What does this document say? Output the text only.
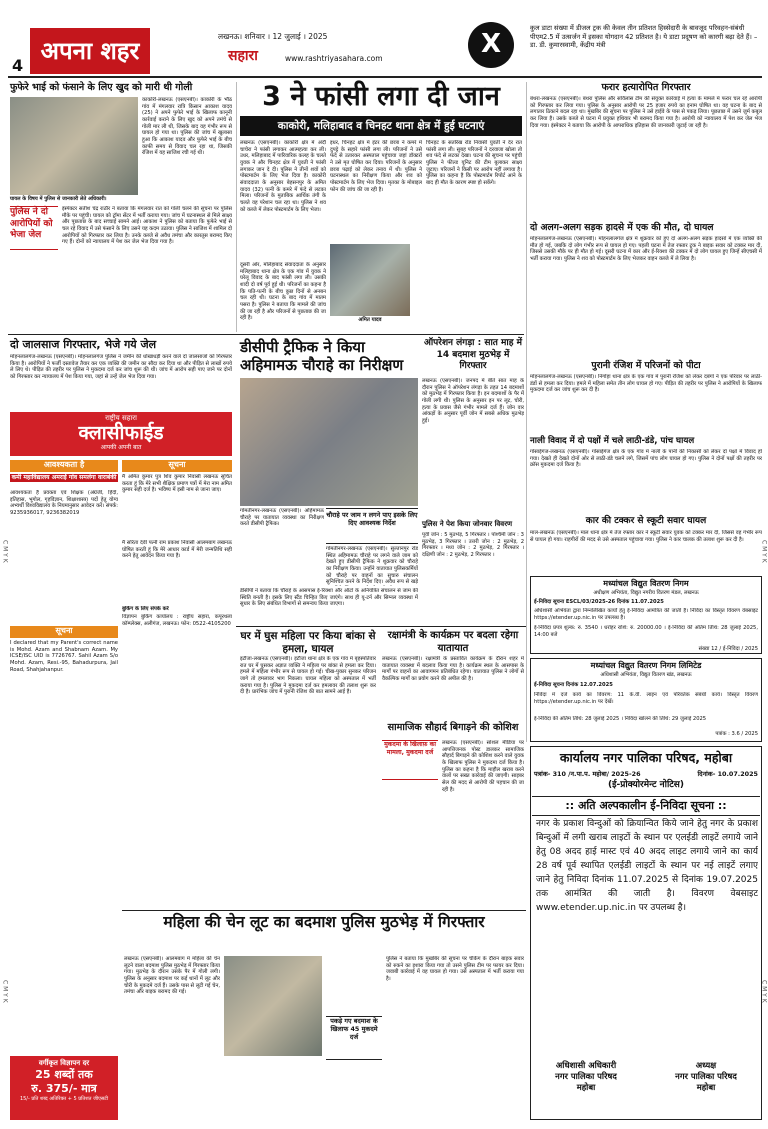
अपना शहर
4
लखनऊ। शनिवार । 12 जुलाई । 2025
सहारा	www.rashtriyasahara.com	X
कुल डाटा संख्या में डीजल ट्रक की केवल तीन प्रतिशत हिस्सेदारी के बावजूद परिवहन-संबंधी पीएम2.5 में उत्सर्जन में इसका योगदान 42 प्रतिशत है। ये डाटा प्रदूषण को कारगी बढ़ा देते हैं। –डा. डी. कुमारस्वामी, केंद्रीय मंत्री
C M Y K	C M Y K
C M Y K	C M Y K
फुफेरे भाई को फंसाने के लिए खुद को मारी थी गोली
काकोरी-लखनऊ (एसएनबी)। काकोरी के भौठ गांव में मंगलवार रात्रि किसान आकाश यादव (25) ने अपने फुफेरे भाई के खिलाफ कानूनी कार्रवाई कराने के लिए खुद को अपने तमंचे से गोली मार ली थी, जिसके बाद वह गंभीर रूप से घायल हो गया था। पुलिस की जांच में खुलासा हुआ कि आकाश यादव और फुफेरे भाई के बीच काफी समय से विवाद चल रहा था, जिसकी रंजिश में यह साजिश रची गई थी।
घायल के विषय में पुलिस से जानकारी लेते अधिकारी।
पुलिस ने दो आरोपियों को भेजा जेल
इंस्पेक्टर सतीश चंद्र राठौर ने बताया कि मंगलवार रात को गोली चलने की सूचना पर पुलिस मौके पर पहुंची। घायल को ट्रॉमा सेंटर में भर्ती कराया गया। जांच में घटनास्थल से मिले साक्ष्य और पूछताछ के बाद सच्चाई सामने आई। आकाश ने पुलिस को बताया कि फुफेरे भाई से चल रहे विवाद में उसे फंसाने के लिए उसने यह कदम उठाया। पुलिस ने साजिश में शामिल दो आरोपियों को गिरफ्तार कर लिया है। उनके कब्जे से अवैध तमंचा और कारतूस बरामद किए गए हैं। दोनों को न्यायालय में पेश कर जेल भेज दिया गया है।
3 ने फांसी लगा दी जान
काकोरी, मलिहाबाद व चिनहट थाना क्षेत्र में हुई घटनाएं
लखनऊ (एसएनबी)। काकोरी क्षेत्र में अंदौ चाचेरा ने फांसी लगाकर आत्महत्या कर ली। उधर, मलिहाबाद में पारिवारिक कलह के चलते युवक ने और चिनहट क्षेत्र में युवती ने फांसी लगाकर जान दे दी। पुलिस ने तीनों शवों को पोस्टमार्टम के लिए भेज दिया है। काकोरी संवाददाता के अनुसार बेहसनपुर के अमित यादव (32) पत्नी के कमरे में फंदे से लटका मिला। परिजनों के मुताबिक आर्थिक तंगी के चलते वह परेशान चल रहा था। पुलिस ने शव को कब्जे में लेकर पोस्टमार्टम के लिए भेजा।
दूसरी ओर, मलिहाबाद संवाददाता के अनुसार मलिहाबाद थाना क्षेत्र के एक गांव में युवक ने घरेलू विवाद के बाद फांसी लगा ली। उसकी शादी दो वर्ष पूर्व हुई थी। परिजनों का कहना है कि पति-पत्नी के बीच कुछ दिनों से अनबन चल रही थी। घटना के बाद गांव में मातम पसरा है। पुलिस ने बताया कि मामले की जांच की जा रही है और परिजनों से पूछताछ की जा रही है।	अमित यादव
इधर, चिनहट क्षेत्र में इंटर की छात्रा ने कमरे में दुपट्टे के सहारे फांसी लगा ली। परिजनों ने उसे फंदे से उतारकर अस्पताल पहुंचाया जहां डॉक्टरों ने उसे मृत घोषित कर दिया। परिजनों के अनुसार छात्रा पढ़ाई को लेकर तनाव में थी। पुलिस ने घटनास्थल का निरीक्षण किया और शव को पोस्टमार्टम के लिए भेज दिया। मृतका के मोबाइल फोन की जांच की जा रही है।
चिनहट के सतरिख रोड निवासी युवती ने देर रात फांसी लगा ली। सुबह परिजनों ने दरवाजा खोला तो शव फंदे से लटका देखा। घटना की सूचना पर पहुंची पुलिस ने फील्ड यूनिट की टीम बुलाकर साक्ष्य जुटाए। परिजनों ने किसी पर आरोप नहीं लगाया है। पुलिस का कहना है कि पोस्टमार्टम रिपोर्ट आने के बाद ही मौत के कारण स्पष्ट हो सकेंगे।
फरार हत्यारोपित गिरफ्तार
बंथरा-लखनऊ (एसएनबी)। बंथरा पुलिस और सर्विलांस टीम की संयुक्त कार्रवाई में हत्या के मामले में फरार चल रहे आरोपी को गिरफ्तार कर लिया गया। पुलिस के अनुसार आरोपी पर 25 हजार रुपये का इनाम घोषित था। वह घटना के बाद से लगातार ठिकाने बदल रहा था। मुखबिर की सूचना पर पुलिस ने उसे हाईवे के पास से पकड़ लिया। पूछताछ में उसने जुर्म कबूल कर लिया है। उसके कब्जे से घटना में प्रयुक्त हथियार भी बरामद किया गया है। आरोपी को न्यायालय में पेश कर जेल भेज दिया गया। इंस्पेक्टर ने बताया कि आरोपी के आपराधिक इतिहास की जानकारी जुटाई जा रही है।
दो अलग-अलग सड़क हादसे में एक की मौत, दो घायल
मोहनलालगंज-लखनऊ (एसएनबी)। मोहनलालगंज क्षेत्र में शुक्रवार को हुए दो अलग-अलग सड़क हादसों में एक व्यक्ति की मौत हो गई, जबकि दो लोग गंभीर रूप से घायल हो गए। पहली घटना में तेज रफ्तार ट्रक ने बाइक सवार को टक्कर मार दी, जिससे उसकी मौके पर ही मौत हो गई। दूसरी घटना में कार और ई-रिक्शा की टक्कर में दो लोग घायल हुए जिन्हें सीएचसी में भर्ती कराया गया। पुलिस ने शव को पोस्टमार्टम के लिए भेजकर वाहन कब्जे में ले लिया है।
पुरानी रंजिश में परिजनों को पीटा
मोहनलालगंज-लखनऊ (एसएनबी)। निगोहा थाना क्षेत्र के एक गांव में पुरानी रंजिश को लेकर दबंगों ने एक परिवार पर लाठी-डंडों से हमला कर दिया। हमले में महिला समेत तीन लोग घायल हो गए। पीड़ित की तहरीर पर पुलिस ने आरोपियों के खिलाफ मुकदमा दर्ज कर जांच शुरू कर दी है।
नाली विवाद में दो पक्षों में चले लाठी-डंडे, पांच घायल
गोसाईगंज-लखनऊ (एसएनबी)। गोसाईगंज क्षेत्र के एक गांव में नाली के पानी की निकासी को लेकर दो पक्षों में विवाद हो गया। देखते ही देखते दोनों ओर से लाठी-डंडे चलने लगे, जिसमें पांच लोग घायल हो गए। पुलिस ने दोनों पक्षों की तहरीर पर क्रॉस मुकदमा दर्ज किया है।
कार की टक्कर से स्कूटी सवार घायल
माल-लखनऊ (एसएनबी)। माल थाना क्षेत्र में तेज रफ्तार कार ने स्कूटी सवार युवक को टक्कर मार दी, जिससे वह गंभीर रूप से घायल हो गया। राहगीरों की मदद से उसे अस्पताल पहुंचाया गया। पुलिस ने कार चालक की तलाश शुरू कर दी है।
मध्यांचल विद्युत वितरण निगम
अधीक्षण अभियंता, विद्युत नगरीय वितरण मंडल, लखनऊ
ई-निविदा सूचना ESCL/03/2025-26 दिनांक 11.07.2025
अधिशासी अभियंता द्वारा निम्नलिखित कार्यों हेतु ई-निविदा आमंत्रित की जाती है। निविदा का विस्तृत विवरण वेबसाइट https://etender.up.nic.in पर उपलब्ध है।
ई-निविदा प्रपत्र शुल्क: रु. 3540 । धरोहर राशि: रु. 20000.00 । ई-निविदा की अंतिम तिथि: 28 जुलाई 2025, 14:00 बजे
संख्या 12 / ई-निविदा / 2025
मध्यांचल विद्युत वितरण निगम लिमिटेड
अधिशासी अभियंता, विद्युत वितरण खंड, लखनऊ
ई-निविदा सूचना दिनांक 12.07.2025
निविदा में दर्ज कार्य का विवरण: 11 के.वी. लाइन एवं परिवर्तक संबंधी कार्य। विस्तृत विवरण https://etender.up.nic.in पर देखें।
ई-निविदा की अंतिम तिथि: 28 जुलाई 2025 । निविदा खोलने की तिथि: 29 जुलाई 2025
पत्रांक : 3.6 / 2025
दो जालसाज गिरफ्तार, भेजे गये जेल
मोहनलालगंज-लखनऊ (एसएनबी)। मोहनलालगंज पुलिस ने जमीन की धोखाधड़ी करने वाले दो जालसाजों को गिरफ्तार किया है। आरोपियों ने फर्जी दस्तावेज तैयार कर एक व्यक्ति की जमीन का सौदा कर दिया था और पीड़ित से लाखों रुपये ले लिए थे। पीड़ित की तहरीर पर पुलिस ने मुकदमा दर्ज कर जांच शुरू की थी। जांच में आरोप सही पाए जाने पर दोनों को गिरफ्तार कर न्यायालय में पेश किया गया, जहां से उन्हें जेल भेज दिया गया।
डीसीपी ट्रैफिक ने किया अहिमामऊ चौराहे का निरीक्षण
गोमतीनगर-लखनऊ (एसएनबी)। अहिमामऊ चौराहे पर यातायात व्यवस्था का निरीक्षण करते डीसीपी ट्रैफिक।
चौराहे पर जाम न लगने पाए इसके लिए दिए आवश्यक निर्देश
गोमतीनगर-लखनऊ (एसएनबी)। सुल्तानपुर रोड स्थित अहिमामऊ चौराहे पर लगने वाले जाम को देखते हुए डीसीपी ट्रैफिक ने शुक्रवार को चौराहे का निरीक्षण किया। उन्होंने यातायात पुलिसकर्मियों को चौराहे पर वाहनों का सुचारु संचालन सुनिश्चित करने के निर्देश दिए। अवैध रूप से खड़े
डीसीपी ने बताया कि चौराहे के आसपास ई-रिक्शा और ऑटो के अनियंत्रित संचालन से जाम की स्थिति बनती है। इसके लिए स्टैंड चिन्हित किए जाएंगे। साथ ही यू-टर्न और सिग्नल व्यवस्था में सुधार के लिए संबंधित विभागों से समन्वय किया जाएगा।
ऑपरेशन लंगड़ा : सात माह में 14 बदमाश मुठभेड़ में गिरफ्तार
लखनऊ (एसएनबी)। जनपद में बीते सात माह के दौरान पुलिस ने ऑपरेशन लंगड़ा के तहत 14 बदमाशों को मुठभेड़ में गिरफ्तार किया है। इन बदमाशों के पैर में गोली लगी थी। पुलिस के अनुसार इन पर लूट, चोरी, हत्या के प्रयास जैसे गंभीर मामले दर्ज हैं। जोन वार आंकड़ों के अनुसार पूर्वी जोन में सबसे अधिक मुठभेड़ हुई।
पुलिस ने पेश किया जोनवार विवरण
पूर्वी जोन : 5 मुठभेड़, 5 गिरफ्तार । पश्चिमी जोन : 3 मुठभेड़, 3 गिरफ्तार । उत्तरी जोन : 2 मुठभेड़, 2 गिरफ्तार । मध्य जोन : 2 मुठभेड़, 2 गिरफ्तार । दक्षिणी जोन : 2 मुठभेड़, 2 गिरफ्तार ।
राष्ट्रीय सहारा
क्लासीफाईड
आपकी अपनी बात
आवश्यकता है
कमी महाविद्यालय अमराई गांव समलंगा वाराबंकी
आवश्यकता है प्रवक्ता एवं शिक्षक (अंग्रेजी, हिंदी, इतिहास, भूगोल, गृहविज्ञान, शिक्षाशास्त्र) पदों हेतु योग्य अभ्यर्थी विश्वविद्यालय के नियमानुसार आवेदन करें। संपर्क: 9235936017, 9236382019
सूचना
मैं अमित कुमार पुत्र शिव कुमार निवासी लखनऊ सूचित करता हूं कि मेरे सभी शैक्षिक प्रमाण पत्रों में मेरा नाम अमित कुमार सही दर्ज है। भविष्य में इसी नाम से जाना जाए।
मैं सरिता देवी पत्नी राम प्रकाश निवासी आलमबाग लखनऊ घोषित करती हूं कि मेरे आधार कार्ड में मेरी जन्मतिथि सही करने हेतु आवेदन किया गया है।
सूचना
I declared that my Parent's correct name is Mohd. Azam and Shabnam Azam. My ICSE/ISC UID is 7726767. Sahil Azam S/o Mohd. Azam, Resi.-95, Bahadurpura, Jail Road, Shahjahanpur.
बुकिंग के लिए संपर्क करें
विज्ञापन बुकिंग कार्यालय : राष्ट्रीय सहारा, कपूरथला कॉम्प्लेक्स, अलीगंज, लखनऊ। फोन: 0522-4105200
वर्गीकृत विज्ञापन दर
25 शब्दों तक
रु. 375/- मात्र
15/- प्रति शब्द अतिरिक्त + 5 प्रतिशत जीएसटी
घर में घुस महिला पर किया बांका से हमला, घायल
इटौंजा-लखनऊ (एसएनबी)। इटौंजा थाना क्षेत्र के एक गांव में बृहस्पतिवार रात घर में घुसकर अज्ञात व्यक्ति ने महिला पर बांका से हमला कर दिया। हमले में महिला गंभीर रूप से घायल हो गई। चीख-पुकार सुनकर परिजन जागे तो हमलावर भाग निकला। घायल महिला को अस्पताल में भर्ती कराया गया है। पुलिस ने मुकदमा दर्ज कर हमलावर की तलाश शुरू कर दी है। प्रारंभिक जांच में पुरानी रंजिश की बात सामने आई है।
रक्षामंत्री के कार्यक्रम पर बदला रहेगा यातायात
लखनऊ (एसएनबी)। रक्षामंत्री के प्रस्तावित कार्यक्रम के दौरान शहर में यातायात व्यवस्था में बदलाव किया गया है। कार्यक्रम स्थल के आसपास के मार्गों पर वाहनों का आवागमन प्रतिबंधित रहेगा। यातायात पुलिस ने लोगों से वैकल्पिक मार्गों का प्रयोग करने की अपील की है।
सामाजिक सौहार्द बिगाड़ने की कोशिश
मुकदमा के खिलाफ़ का मामला, मुकदमा दर्ज
लखनऊ (एसएनबी)। सोशल मीडिया पर आपत्तिजनक पोस्ट डालकर सामाजिक सौहार्द बिगाड़ने की कोशिश करने वाले युवक के खिलाफ पुलिस ने मुकदमा दर्ज किया है। पुलिस का कहना है कि माहौल खराब करने वालों पर सख्त कार्रवाई की जाएगी। साइबर सेल की मदद से आरोपी की पहचान की जा रही है।
महिला की चेन लूट का बदमाश पुलिस मुठभेड़ में गिरफ्तार
लखनऊ (एसएनबी)। आलमबाग में महिला की चेन लूटने वाला बदमाश पुलिस मुठभेड़ में गिरफ्तार किया गया। मुठभेड़ के दौरान उसके पैर में गोली लगी। पुलिस के अनुसार बदमाश पर कई थानों में लूट और चोरी के मुकदमे दर्ज हैं। उसके पास से लूटी गई चेन, तमंचा और बाइक बरामद की गई।
पकड़े गए बदमाश के खिलाफ 45 मुकदमे दर्ज
पुलिस ने बताया कि मुखबिर की सूचना पर चेकिंग के दौरान बाइक सवार को रुकने का इशारा किया गया तो उसने पुलिस टीम पर फायर कर दिया। जवाबी कार्रवाई में वह घायल हो गया। उसे अस्पताल में भर्ती कराया गया है।
कार्यालय नगर पालिका परिषद, महोबा
पत्रांक- 310 /न.पा.प. महोबा/ 2025-26	दिनांक- 10.07.2025
(ई-प्रोक्योरमेन्ट नोटिस)
:: अति अल्पकालीन ई-निविदा सूचना ::
नगर के प्रकाश विन्दुओं को क्रियान्वित किये जाने हेतु नगर के प्रकाश बिन्दुओं में लगी खराब लाइटों के स्थान पर एलईडी लाइटें लगाये जाने हेतु 08 अदद हाई मास्ट एवं 40 अदद लाइट लगाये जाने का कार्य 28 वर्ष पूर्व स्थापित एलईडी लाइटों के स्थान पर नई लाइटें लगाए जाने हेतु निविदा दिनांक 11.07.2025 से दिनांक 19.07.2025 तक आमंत्रित की जाती है। विवरण वेबसाइट www.etender.up.nic.in पर उपलब्ध है।
अधिशासी अधिकारी
नगर पालिका परिषद
महोबा
अध्यक्ष
नगर पालिका परिषद
महोबा
